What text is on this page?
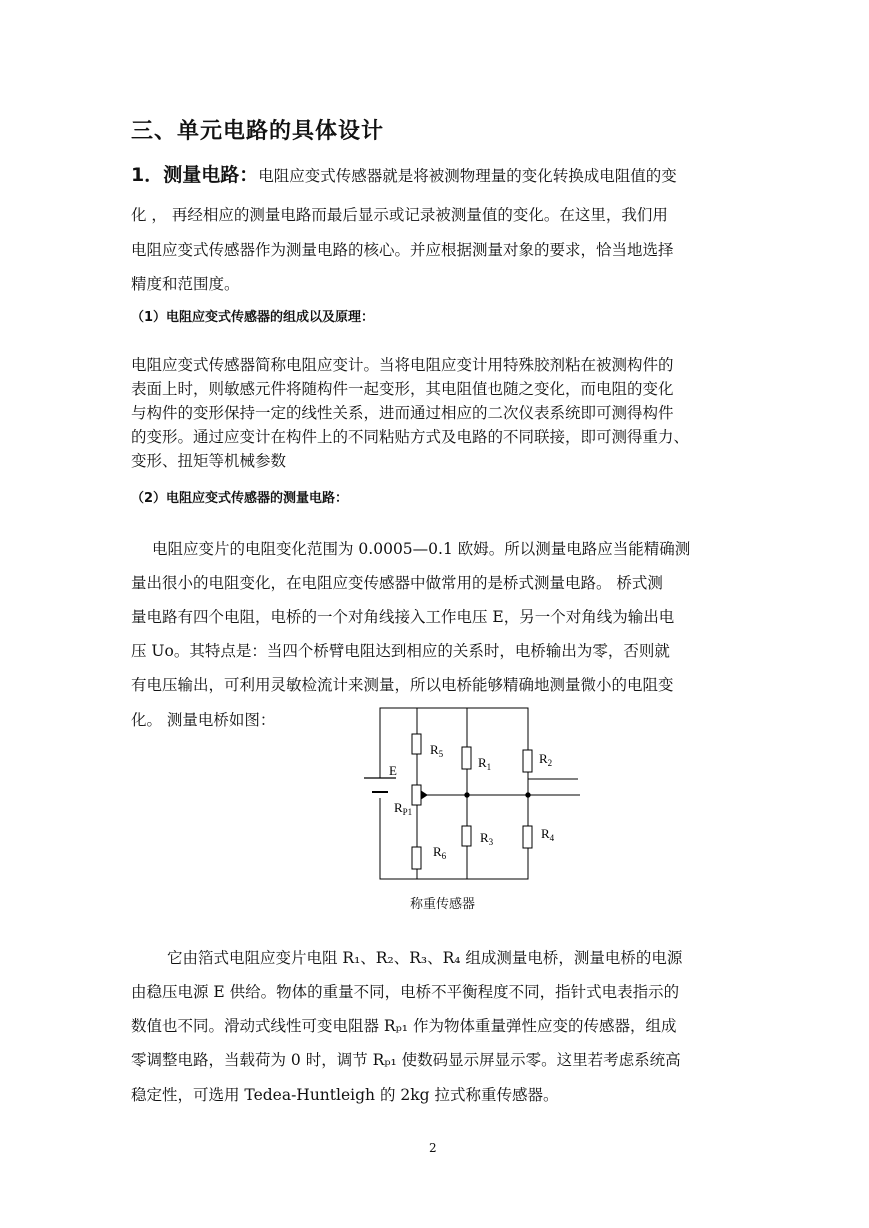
三、单元电路的具体设计
1．测量电路：电阻应变式传感器就是将被测物理量的变化转换成电阻值的变
化 ， 再经相应的测量电路而最后显示或记录被测量值的变化。在这里，我们用
电阻应变式传感器作为测量电路的核心。并应根据测量对象的要求，恰当地选择
精度和范围度。
（1）电阻应变式传感器的组成以及原理：
电阻应变式传感器简称电阻应变计。当将电阻应变计用特殊胶剂粘在被测构件的
表面上时，则敏感元件将随构件一起变形，其电阻值也随之变化，而电阻的变化
与构件的变形保持一定的线性关系，进而通过相应的二次仪表系统即可测得构件
的变形。通过应变计在构件上的不同粘贴方式及电路的不同联接，即可测得重力、
变形、扭矩等机械参数
（2）电阻应变式传感器的测量电路：
电阻应变片的电阻变化范围为 0.0005—0.1 欧姆。所以测量电路应当能精确测
量出很小的电阻变化，在电阻应变传感器中做常用的是桥式测量电路。 桥式测
量电路有四个电阻，电桥的一个对角线接入工作电压 E，另一个对角线为输出电
压 Uo。其特点是：当四个桥臂电阻达到相应的关系时，电桥输出为零，否则就
有电压输出，可利用灵敏检流计来测量，所以电桥能够精确地测量微小的电阻变
化。 测量电桥如图：
$R_5$
$R_1$
$R_2$
E
$R_{P1}$
$R_3$
$R_4$
$R_6$
称重传感器
它由箔式电阻应变片电阻 R₁、R₂、R₃、R₄ 组成测量电桥，测量电桥的电源
由稳压电源 E 供给。物体的重量不同，电桥不平衡程度不同，指针式电表指示的
数值也不同。滑动式线性可变电阻器 Rₚ₁ 作为物体重量弹性应变的传感器，组成
零调整电路，当载荷为 0 时，调节 Rₚ₁ 使数码显示屏显示零。这里若考虑系统高
稳定性，可选用 Tedea-Huntleigh 的 2kg 拉式称重传感器。
2
